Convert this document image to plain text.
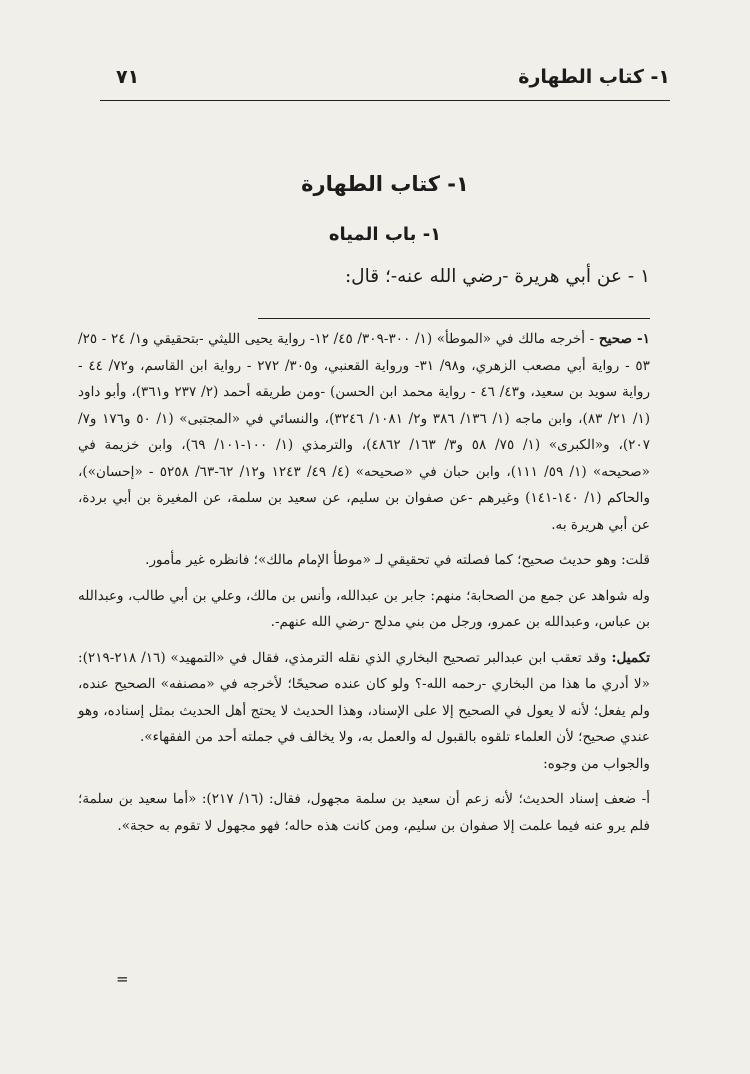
١- كتاب الطهارة
٧١
١- كتاب الطهارة
١- باب المياه
١ - عن أبي هريرة -رضي الله عنه-؛ قال:

١- صحيح - أخرجه مالك في «الموطأ» (١/ ٣٠٠-٣٠٩/ ٤٥/ ١٢- رواية يحيى الليثي -بتحقيقي و١/ ٢٤ - ٢٥/ ٥٣ - رواية أبي مصعب الزهري، و٩٨/ ٣١- ورواية القعنبي، و٣٠٥/ ٢٧٢ - رواية ابن القاسم، و٧٢/ ٤٤ - رواية سويد بن سعيد، و٤٣/ ٤٦ - رواية محمد ابن الحسن) -ومن طريقه أحمد (٢/ ٢٣٧ و٣٦١)، وأبو داود (١/ ٢١/ ٨٣)، وابن ماجه (١/ ١٣٦/ ٣٨٦ و٢/ ١٠٨١/ ٣٢٤٦)، والنسائي في «المجتبى» (١/ ٥٠ و١٧٦ و٧/ ٢٠٧)، و«الكبرى» (١/ ٧٥/ ٥٨ و٣/ ١٦٣/ ٤٨٦٢)، والترمذي (١/ ١٠٠-١٠١/ ٦٩)، وابن خزيمة في «صحيحه» (١/ ٥٩/ ١١١)، وابن حبان في «صحيحه» (٤/ ٤٩/ ١٢٤٣ و١٢/ ٦٢-٦٣/ ٥٢٥٨ - «إحسان»)، والحاكم (١/ ١٤٠-١٤١) وغيرهم -عن صفوان بن سليم، عن سعيد بن سلمة، عن المغيرة بن أبي بردة، عن أبي هريرة به.

قلت: وهو حديث صحيح؛ كما فصلته في تحقيقي لـ «موطأ الإمام مالك»؛ فانظره غير مأمور.

وله شواهد عن جمع من الصحابة؛ منهم: جابر بن عبدالله، وأنس بن مالك، وعلي بن أبي طالب، وعبدالله بن عباس، وعبدالله بن عمرو، ورجل من بني مدلج -رضي الله عنهم-.

تكميل: وقد تعقب ابن عبدالبر تصحيح البخاري الذي نقله الترمذي، فقال في «التمهيد» (١٦/ ٢١٨-٢١٩): «لا أدري ما هذا من البخاري -رحمه الله-؟ ولو كان عنده صحيحًا؛ لأخرجه في «مصنفه» الصحيح عنده، ولم يفعل؛ لأنه لا يعول في الصحيح إلا على الإسناد، وهذا الحديث لا يحتج أهل الحديث بمثل إسناده، وهو عندي صحيح؛ لأن العلماء تلقوه بالقبول له والعمل به، ولا يخالف في جملته أحد من الفقهاء».

والجواب من وجوه:

أ- ضعف إسناد الحديث؛ لأنه زعم أن سعيد بن سلمة مجهول، فقال: (١٦/ ٢١٧): «أما سعيد بن سلمة؛ فلم يرو عنه فيما علمت إلا صفوان بن سليم، ومن كانت هذه حاله؛ فهو مجهول لا تقوم به حجة».

=
